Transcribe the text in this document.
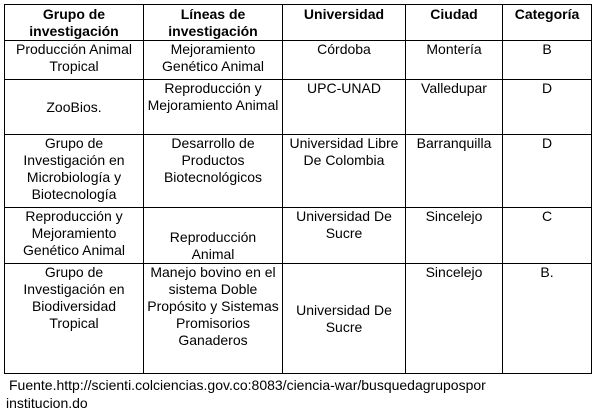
Grupo de investigación	Líneas de investigación	Universidad	Ciudad	Categoría
Producción Animal Tropical	Mejoramiento Genético Animal	Córdoba	Montería	B
ZooBios.	Reproducción y Mejoramiento Animal	UPC-UNAD	Valledupar	D
Grupo de Investigación en Microbiología y Biotecnología	Desarrollo de Productos Biotecnológicos	Universidad Libre De Colombia	Barranquilla	D
Reproducción y Mejoramiento Genético Animal	Reproducción Animal	Universidad De Sucre	Sincelejo	C
Grupo de Investigación en Biodiversidad Tropical	Manejo bovino en el sistema Doble Propósito y Sistemas Promisorios Ganaderos	Universidad De Sucre	Sincelejo	B.
Fuente.http://scienti.colciencias.gov.co:8083/ciencia-war/busquedagrupospor
institucion.do
